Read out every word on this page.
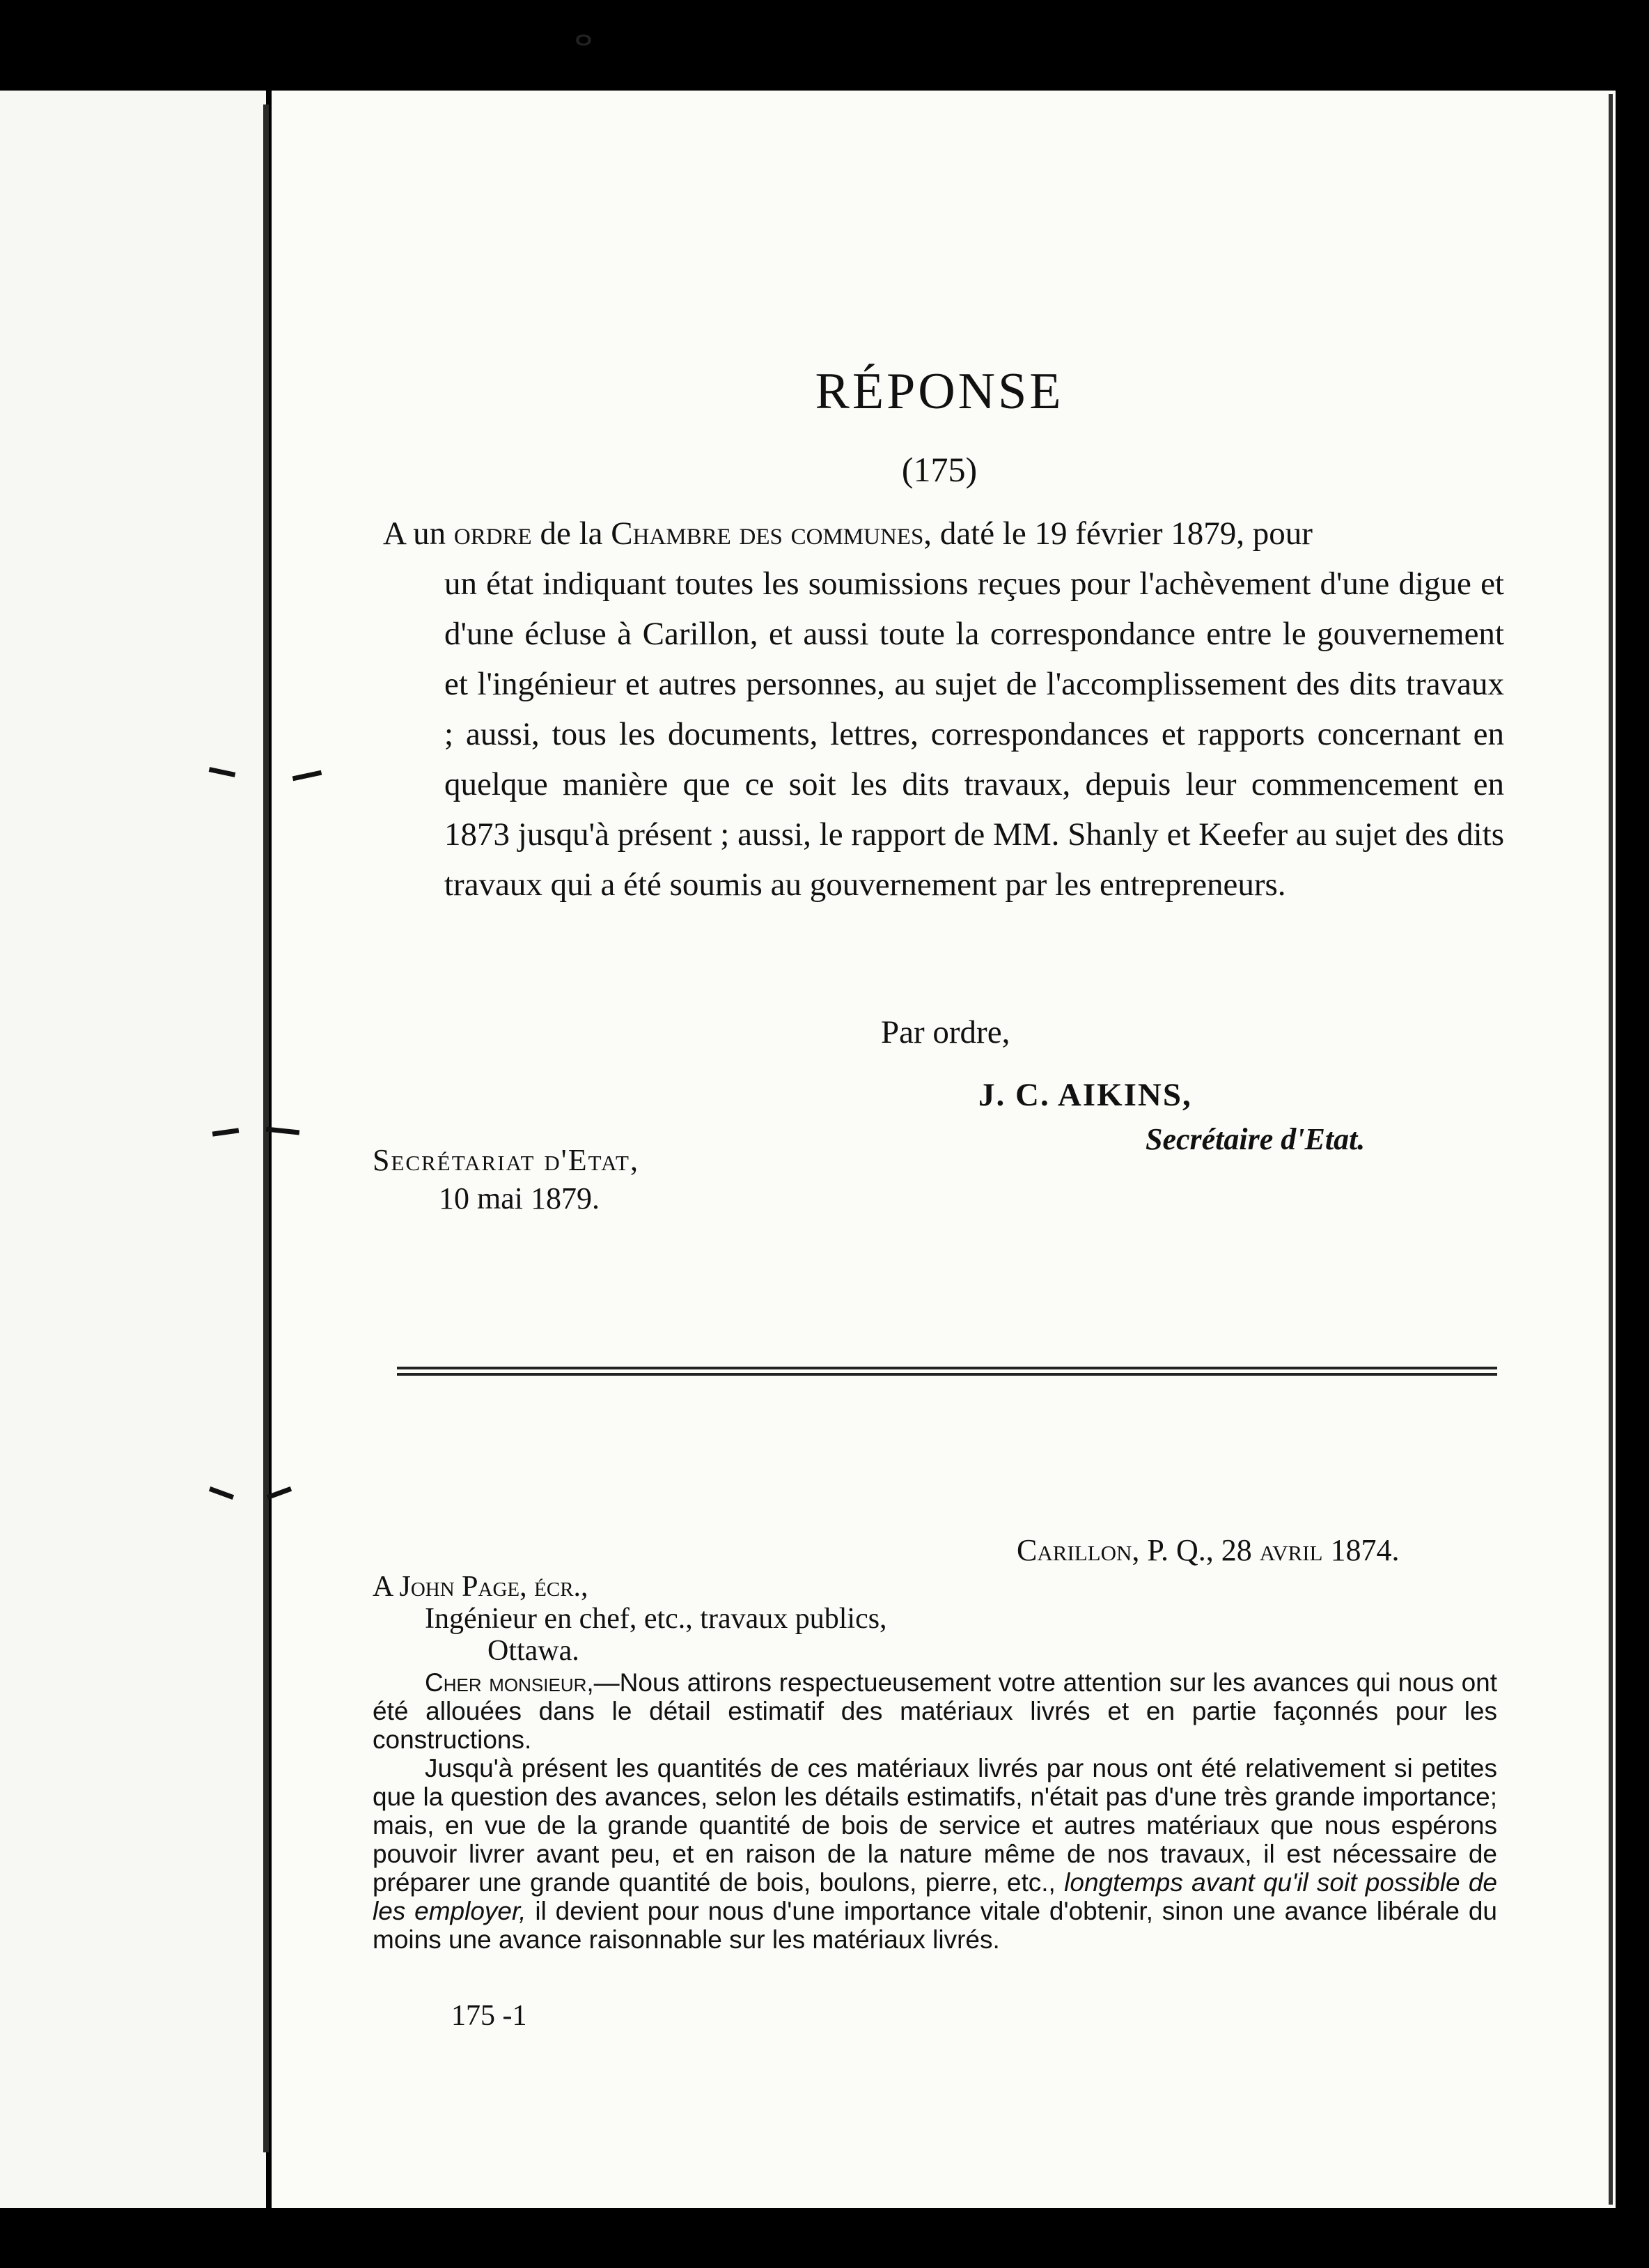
ⴰ
RÉPONSE
(175)
A un ordre de la Chambre des communes, daté le 19 février 1879, pour
un état indiquant toutes les soumissions reçues pour l'achèvement d'une digue et d'une écluse à Carillon, et aussi toute la correspondance entre le gouvernement et l'ingénieur et autres personnes, au sujet de l'accomplissement des dits travaux ; aussi, tous les documents, lettres, correspondances et rapports concernant en quelque manière que ce soit les dits travaux, depuis leur commencement en 1873 jusqu'à présent ; aussi, le rapport de MM. Shanly et Keefer au sujet des dits travaux qui a été soumis au gouvernement par les entrepreneurs.
Par ordre,
J. C. AIKINS,
Secrétaire d'Etat.
Secrétariat d'Etat,
10 mai 1879.
Carillon, P. Q., 28 avril 1874.
A John Page, écr.,
Ingénieur en chef, etc., travaux publics,
Ottawa.

Cher monsieur,—Nous attirons respectueusement votre attention sur les avances qui nous ont été allouées dans le détail estimatif des matériaux livrés et en partie façonnés pour les constructions.

Jusqu'à présent les quantités de ces matériaux livrés par nous ont été relativement si petites que la question des avances, selon les détails estimatifs, n'était pas d'une très grande importance; mais, en vue de la grande quantité de bois de service et autres matériaux que nous espérons pouvoir livrer avant peu, et en raison de la nature même de nos travaux, il est nécessaire de préparer une grande quantité de bois, boulons, pierre, etc., longtemps avant qu'il soit possible de les employer, il devient pour nous d'une importance vitale d'obtenir, sinon une avance libérale du moins une avance raisonnable sur les matériaux livrés.

175 -1
